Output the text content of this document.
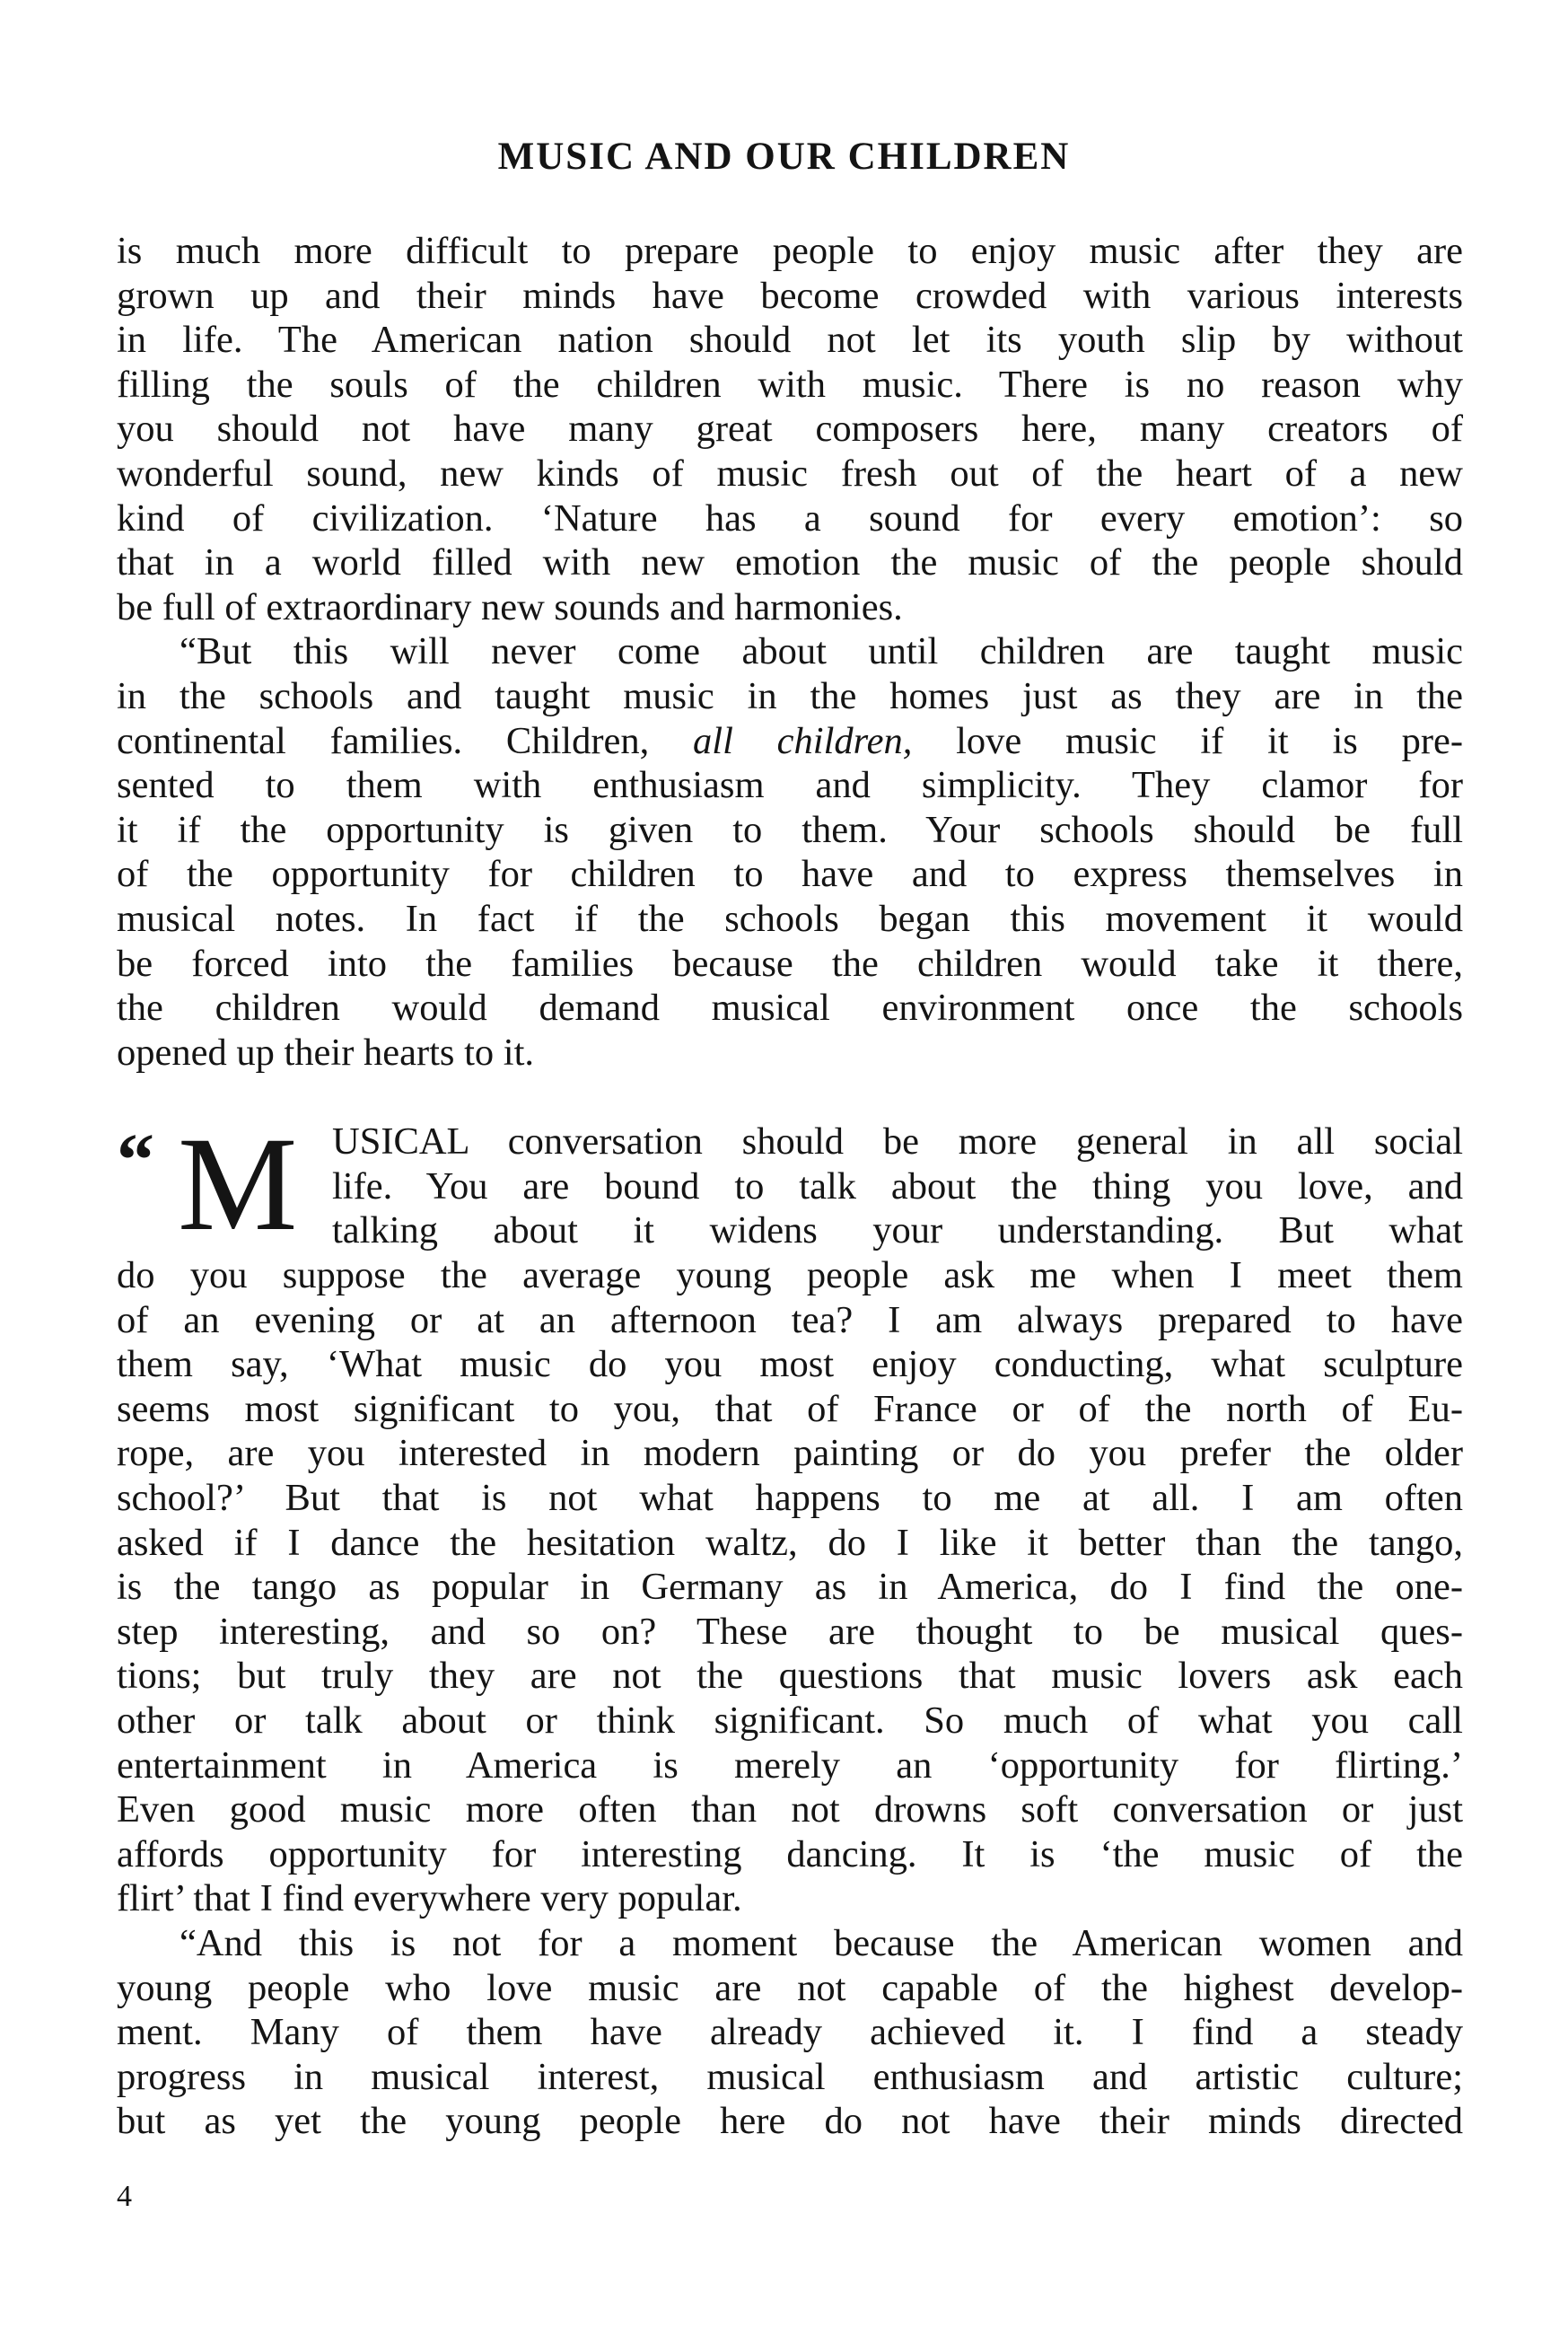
MUSIC AND OUR CHILDREN
is much more difficult to prepare people to enjoy music after they are
grown up and their minds have become crowded with various interests
in life. The American nation should not let its youth slip by without
filling the souls of the children with music. There is no reason why
you should not have many great composers here, many creators of
wonderful sound, new kinds of music fresh out of the heart of a new
kind of civilization. ‘Nature has a sound for every emotion’: so
that in a world filled with new emotion the music of the people should
be full of extraordinary new sounds and harmonies.
“But this will never come about until children are taught music
in the schools and taught music in the homes just as they are in the
continental families. Children, all children, love music if it is pre-
sented to them with enthusiasm and simplicity. They clamor for
it if the opportunity is given to them. Your schools should be full
of the opportunity for children to have and to express themselves in
musical notes. In fact if the schools began this movement it would
be forced into the families because the children would take it there,
the children would demand musical environment once the schools
opened up their hearts to it.
“ M USICAL conversation should be more general in all social
life. You are bound to talk about the thing you love, and
talking about it widens your understanding. But what
do you suppose the average young people ask me when I meet them
of an evening or at an afternoon tea? I am always prepared to have
them say, ‘What music do you most enjoy conducting, what sculpture
seems most significant to you, that of France or of the north of Eu-
rope, are you interested in modern painting or do you prefer the older
school?’ But that is not what happens to me at all. I am often
asked if I dance the hesitation waltz, do I like it better than the tango,
is the tango as popular in Germany as in America, do I find the one-
step interesting, and so on? These are thought to be musical ques-
tions; but truly they are not the questions that music lovers ask each
other or talk about or think significant. So much of what you call
entertainment in America is merely an ‘opportunity for flirting.’
Even good music more often than not drowns soft conversation or just
affords opportunity for interesting dancing. It is ‘the music of the
flirt’ that I find everywhere very popular.
“And this is not for a moment because the American women and
young people who love music are not capable of the highest develop-
ment. Many of them have already achieved it. I find a steady
progress in musical interest, musical enthusiasm and artistic culture;
but as yet the young people here do not have their minds directed
4
